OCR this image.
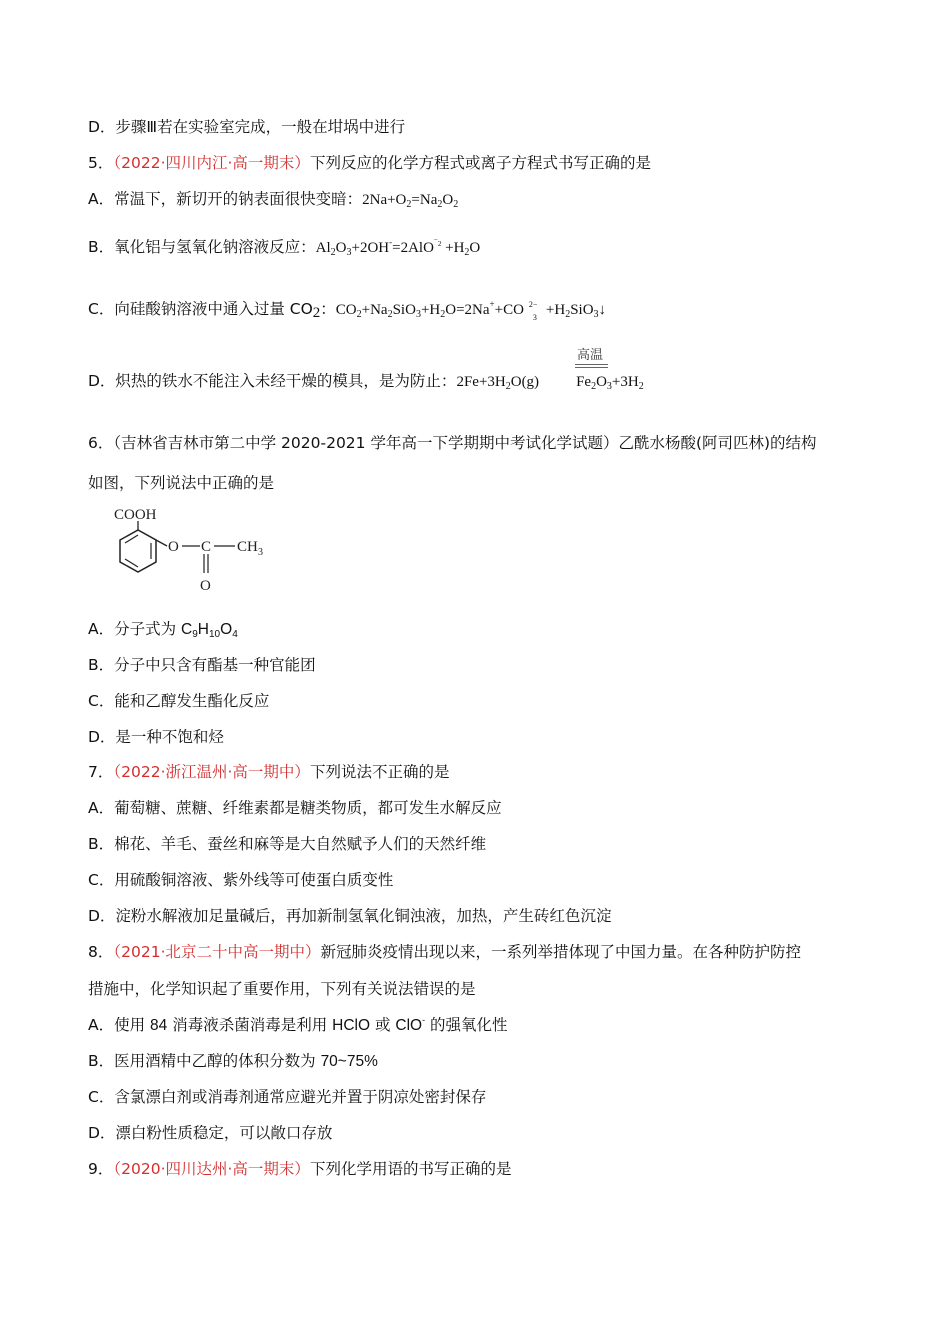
D．步骤Ⅲ若在实验室完成，一般在坩埚中进行
5．（2022·四川内江·高一期末）下列反应的化学方程式或离子方程式书写正确的是
A．常温下，新切开的钠表面很快变暗：$2Na+O_2=Na_2O_2$
B．氧化铝与氢氧化钠溶液反应：$Al_2O_3+2OH^-=2AlO^-_2 +H_2O$
C．向硅酸钠溶液中通入过量 $CO_2$：$CO_2+Na_2SiO_3+H_2O=2Na^++CO$ 2−
$3 +H_2SiO_3↓$
高温
D．炽热的铁水不能注入未经干燥的模具，是为防止：$2Fe+3H_2O(g)$ $Fe_2O_3+3H_2$
6．（吉林省吉林市第二中学 2020-2021 学年高一下学期期中考试化学试题）乙酰水杨酸(阿司匹林)的结构
如图，下列说法中正确的是
COOH
O C CH 3
O
A．分子式为 $C_9H_{10}O_4$
B．分子中只含有酯基一种官能团
C．能和乙醇发生酯化反应
D．是一种不饱和烃
7．（2022·浙江温州·高一期中）下列说法不正确的是
A．葡萄糖、蔗糖、纤维素都是糖类物质，都可发生水解反应
B．棉花、羊毛、蚕丝和麻等是大自然赋予人们的天然纤维
C．用硫酸铜溶液、紫外线等可使蛋白质变性
D．淀粉水解液加足量碱后，再加新制氢氧化铜浊液，加热，产生砖红色沉淀
8．（2021·北京二十中高一期中）新冠肺炎疫情出现以来，一系列举措体现了中国力量。在各种防护防控
措施中，化学知识起了重要作用，下列有关说法错误的是
A．使用 84 消毒液杀菌消毒是利用 HClO 或 ClO- 的强氧化性
B．医用酒精中乙醇的体积分数为 70~75%
C．含氯漂白剂或消毒剂通常应避光并置于阴凉处密封保存
D．漂白粉性质稳定，可以敞口存放
9．（2020·四川达州·高一期末）下列化学用语的书写正确的是
